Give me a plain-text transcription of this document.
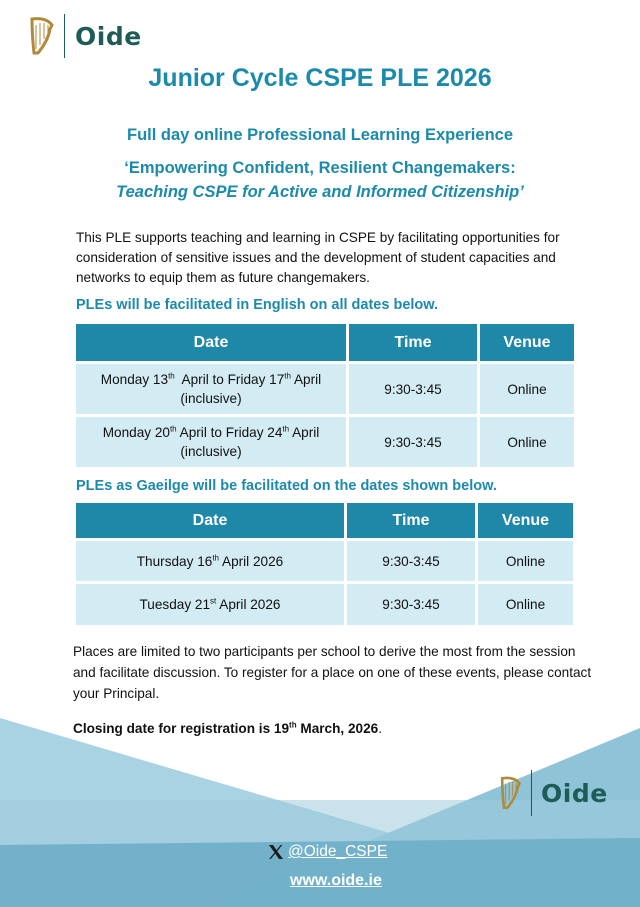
Oide
Junior Cycle CSPE PLE 2026

Full day online Professional Learning Experience

‘Empowering Confident, Resilient Changemakers:

Teaching CSPE for Active and Informed Citizenship’

This PLE supports teaching and learning in CSPE by facilitating opportunities for consideration of sensitive issues and the development of student capacities and networks to equip them as future changemakers.

PLEs will be facilitated in English on all dates below.

Date	Time	Venue
Monday 13th  April to Friday 17th April
(inclusive)	9:30-3:45	Online
Monday 20th April to Friday 24th April
(inclusive)	9:30-3:45	Online

PLEs as Gaeilge will be facilitated on the dates shown below.

Date	Time	Venue
Thursday 16th April 2026	9:30-3:45	Online
Tuesday 21st April 2026	9:30-3:45	Online

Places are limited to two participants per school to derive the most from the session and facilitate discussion. To register for a place on one of these events, please contact your Principal.

Closing date for registration is 19th March, 2026.

Oide
@Oide_CSPE
www.oide.ie
